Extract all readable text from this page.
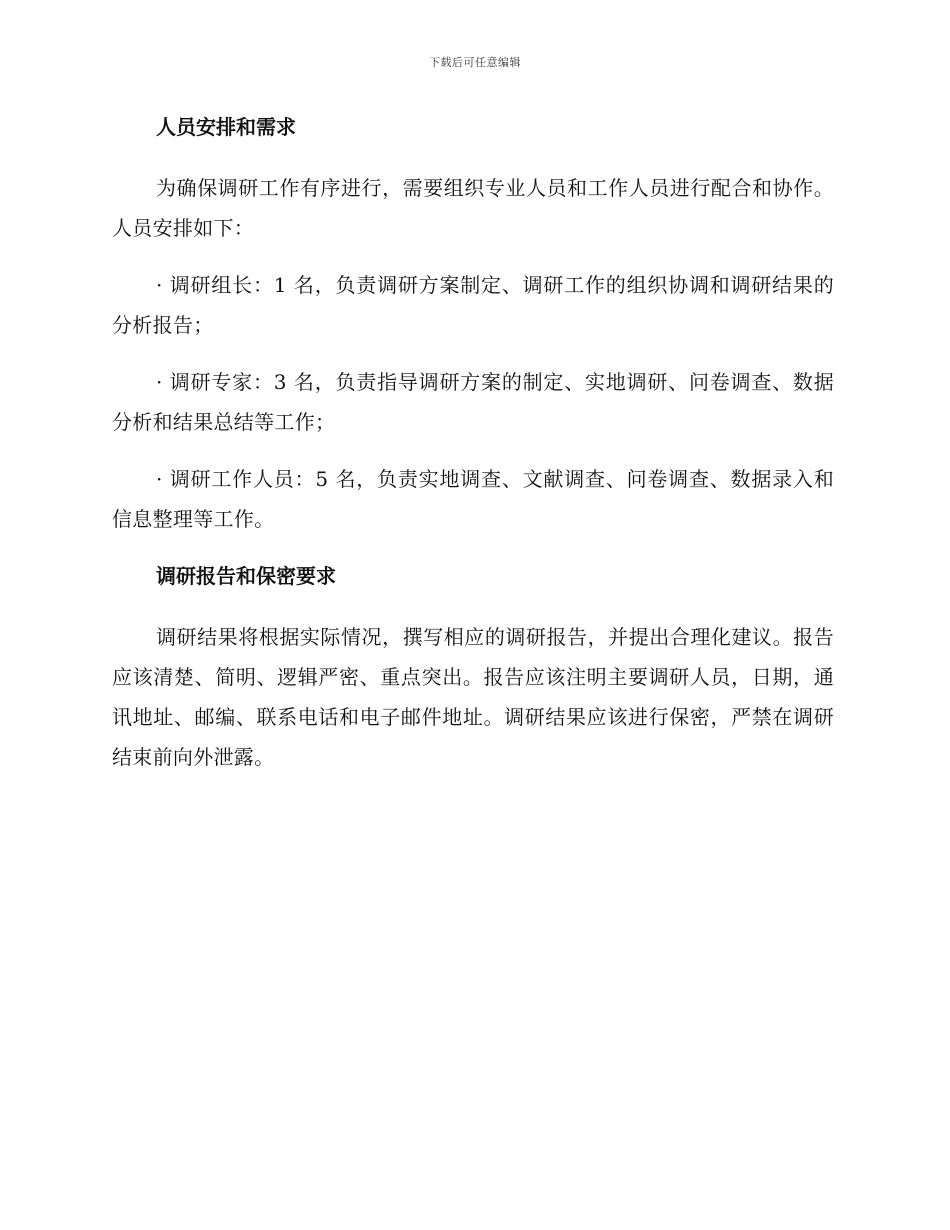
下载后可任意编辑
人员安排和需求

为确保调研工作有序进行，需要组织专业人员和工作人员进行配合和协作。人员安排如下：

· 调研组长：1 名，负责调研方案制定、调研工作的组织协调和调研结果的分析报告；

· 调研专家：3 名，负责指导调研方案的制定、实地调研、问卷调查、数据分析和结果总结等工作；

· 调研工作人员：5 名，负责实地调查、文献调查、问卷调查、数据录入和信息整理等工作。

调研报告和保密要求

调研结果将根据实际情况，撰写相应的调研报告，并提出合理化建议。报告应该清楚、简明、逻辑严密、重点突出。报告应该注明主要调研人员，日期，通讯地址、邮编、联系电话和电子邮件地址。调研结果应该进行保密，严禁在调研结束前向外泄露。
